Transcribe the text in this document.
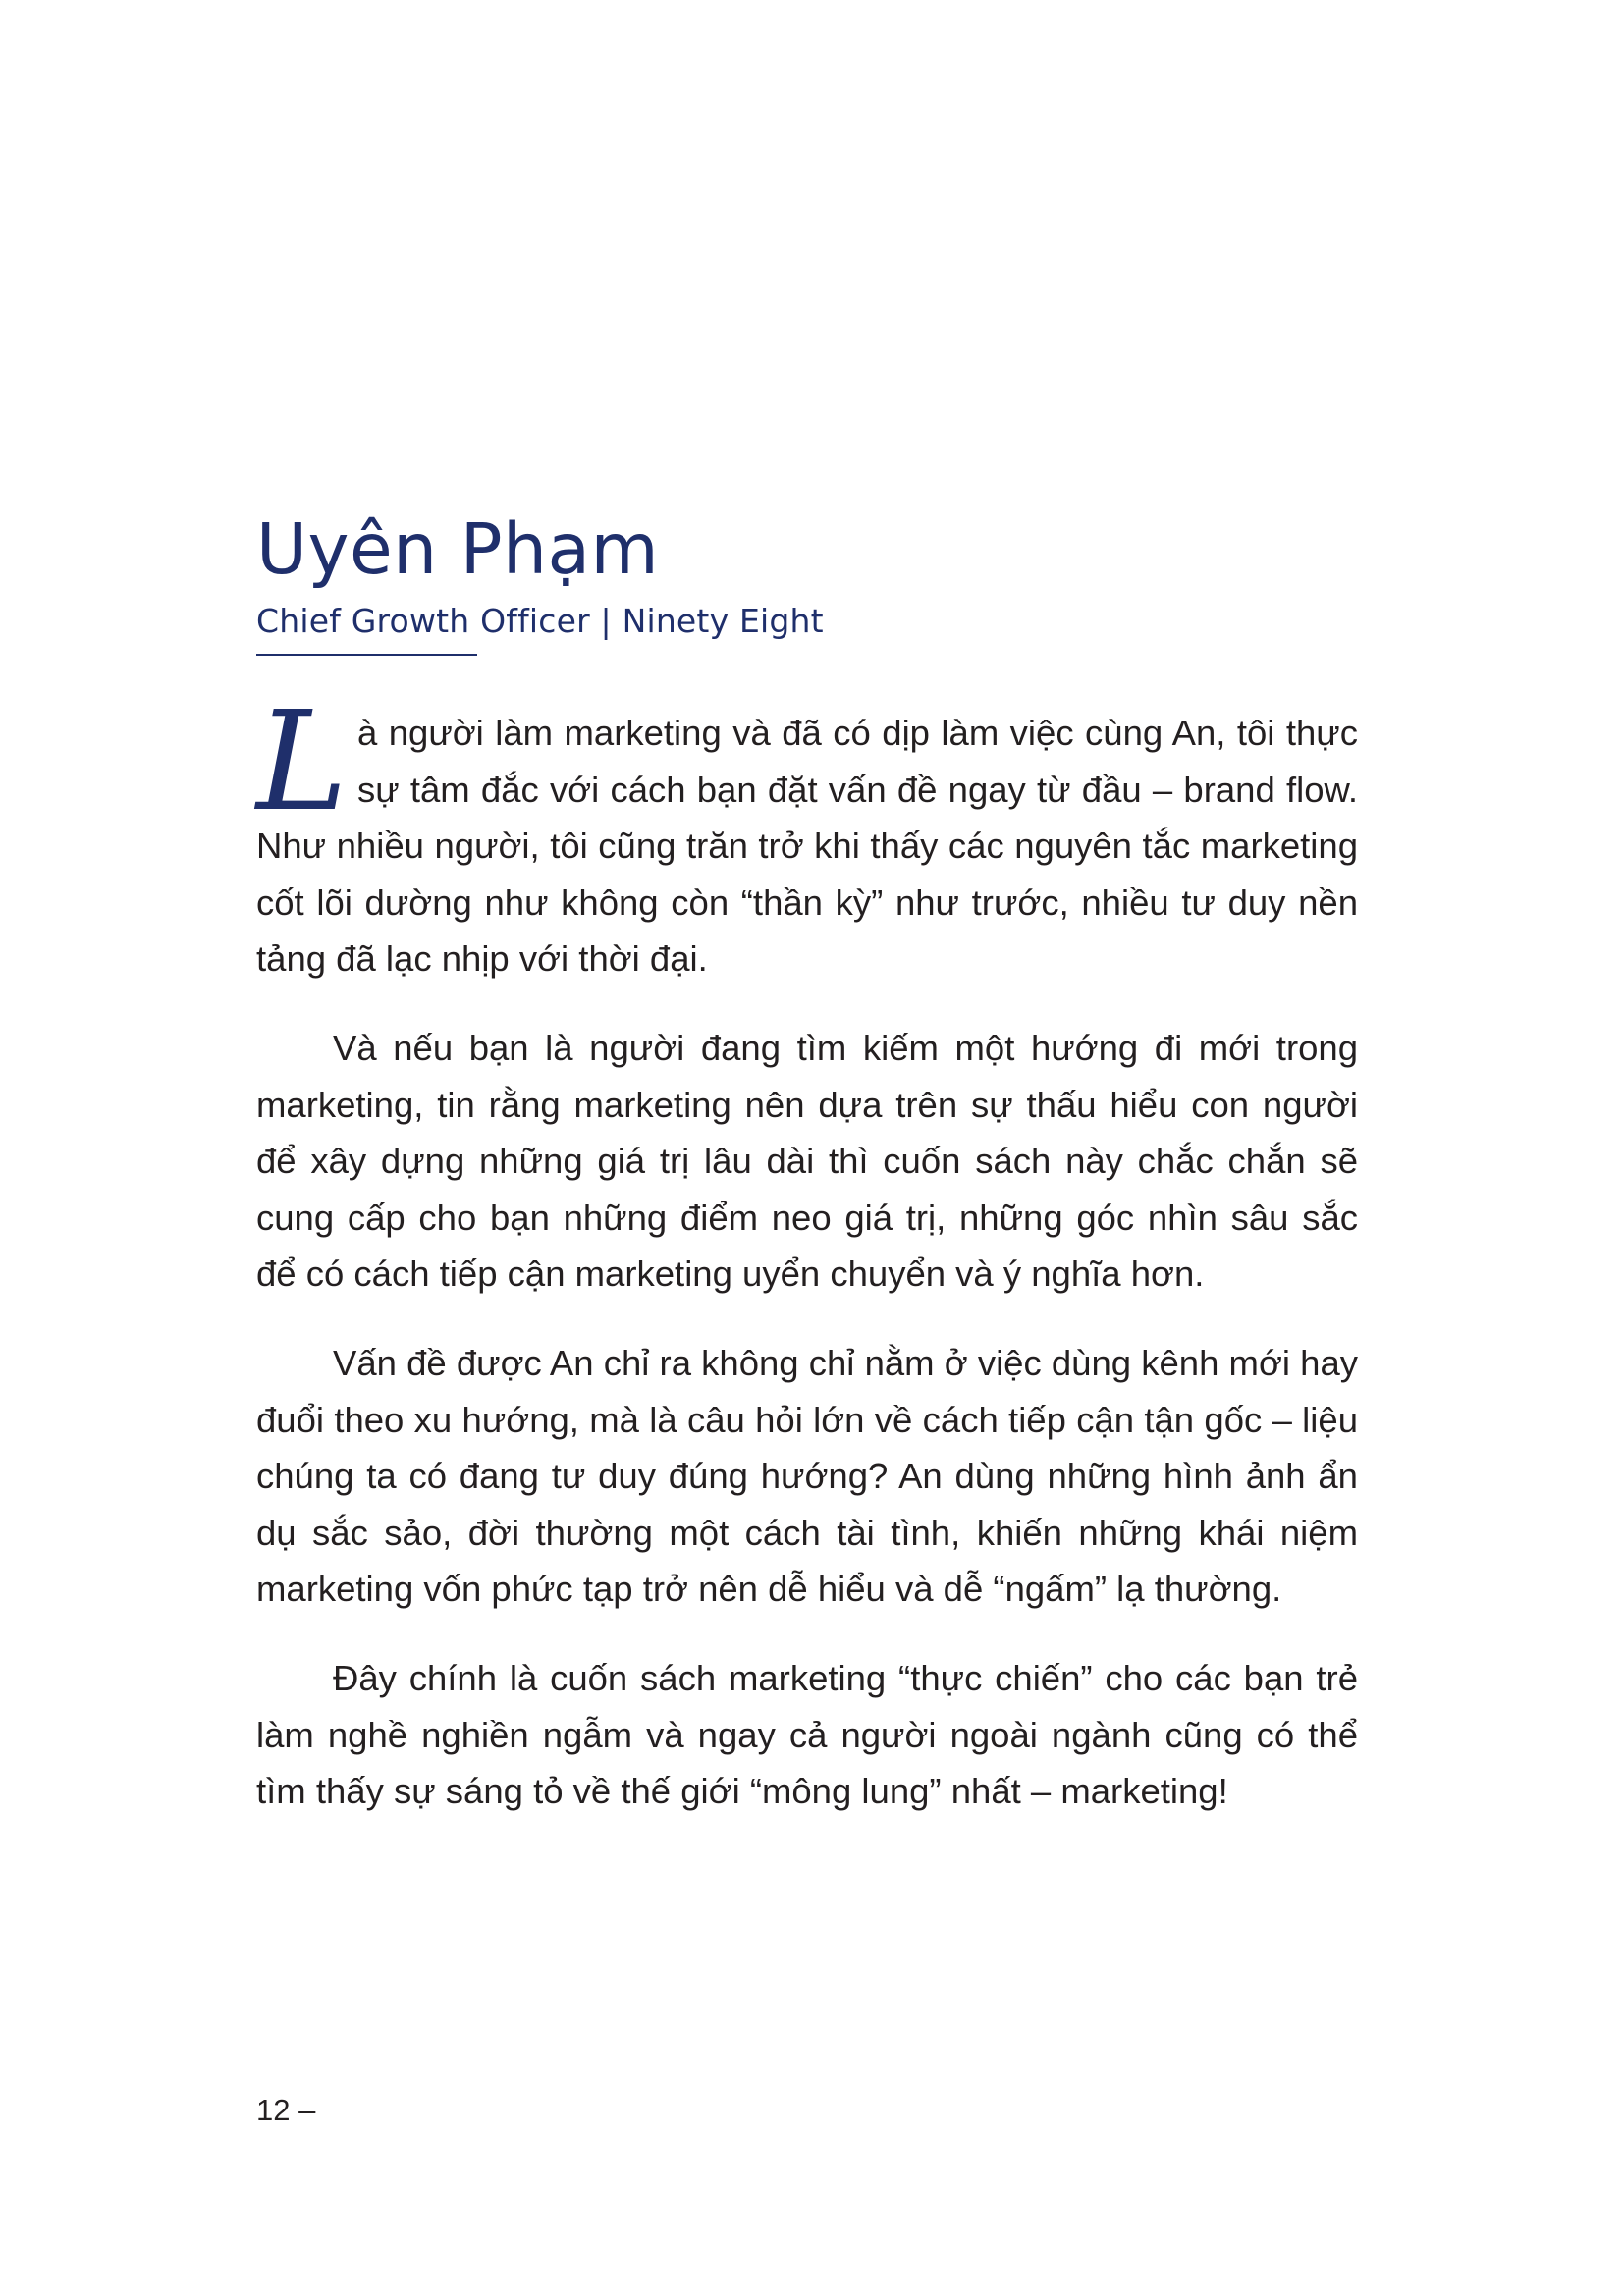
Uyên Phạm
Chief Growth Officer | Ninety Eight

Là người làm marketing và đã có dịp làm việc cùng An, tôi thực sự tâm đắc với cách bạn đặt vấn đề ngay từ đầu – brand flow. Như nhiều người, tôi cũng trăn trở khi thấy các nguyên tắc marketing cốt lõi dường như không còn “thần kỳ” như trước, nhiều tư duy nền tảng đã lạc nhịp với thời đại.

Và nếu bạn là người đang tìm kiếm một hướng đi mới trong marketing, tin rằng marketing nên dựa trên sự thấu hiểu con người để xây dựng những giá trị lâu dài thì cuốn sách này chắc chắn sẽ cung cấp cho bạn những điểm neo giá trị, những góc nhìn sâu sắc để có cách tiếp cận marketing uyển chuyển và ý nghĩa hơn.

Vấn đề được An chỉ ra không chỉ nằm ở việc dùng kênh mới hay đuổi theo xu hướng, mà là câu hỏi lớn về cách tiếp cận tận gốc – liệu chúng ta có đang tư duy đúng hướng? An dùng những hình ảnh ẩn dụ sắc sảo, đời thường một cách tài tình, khiến những khái niệm marketing vốn phức tạp trở nên dễ hiểu và dễ “ngấm” lạ thường.

Đây chính là cuốn sách marketing “thực chiến” cho các bạn trẻ làm nghề nghiền ngẫm và ngay cả người ngoài ngành cũng có thể tìm thấy sự sáng tỏ về thế giới “mông lung” nhất – marketing!

12 –
